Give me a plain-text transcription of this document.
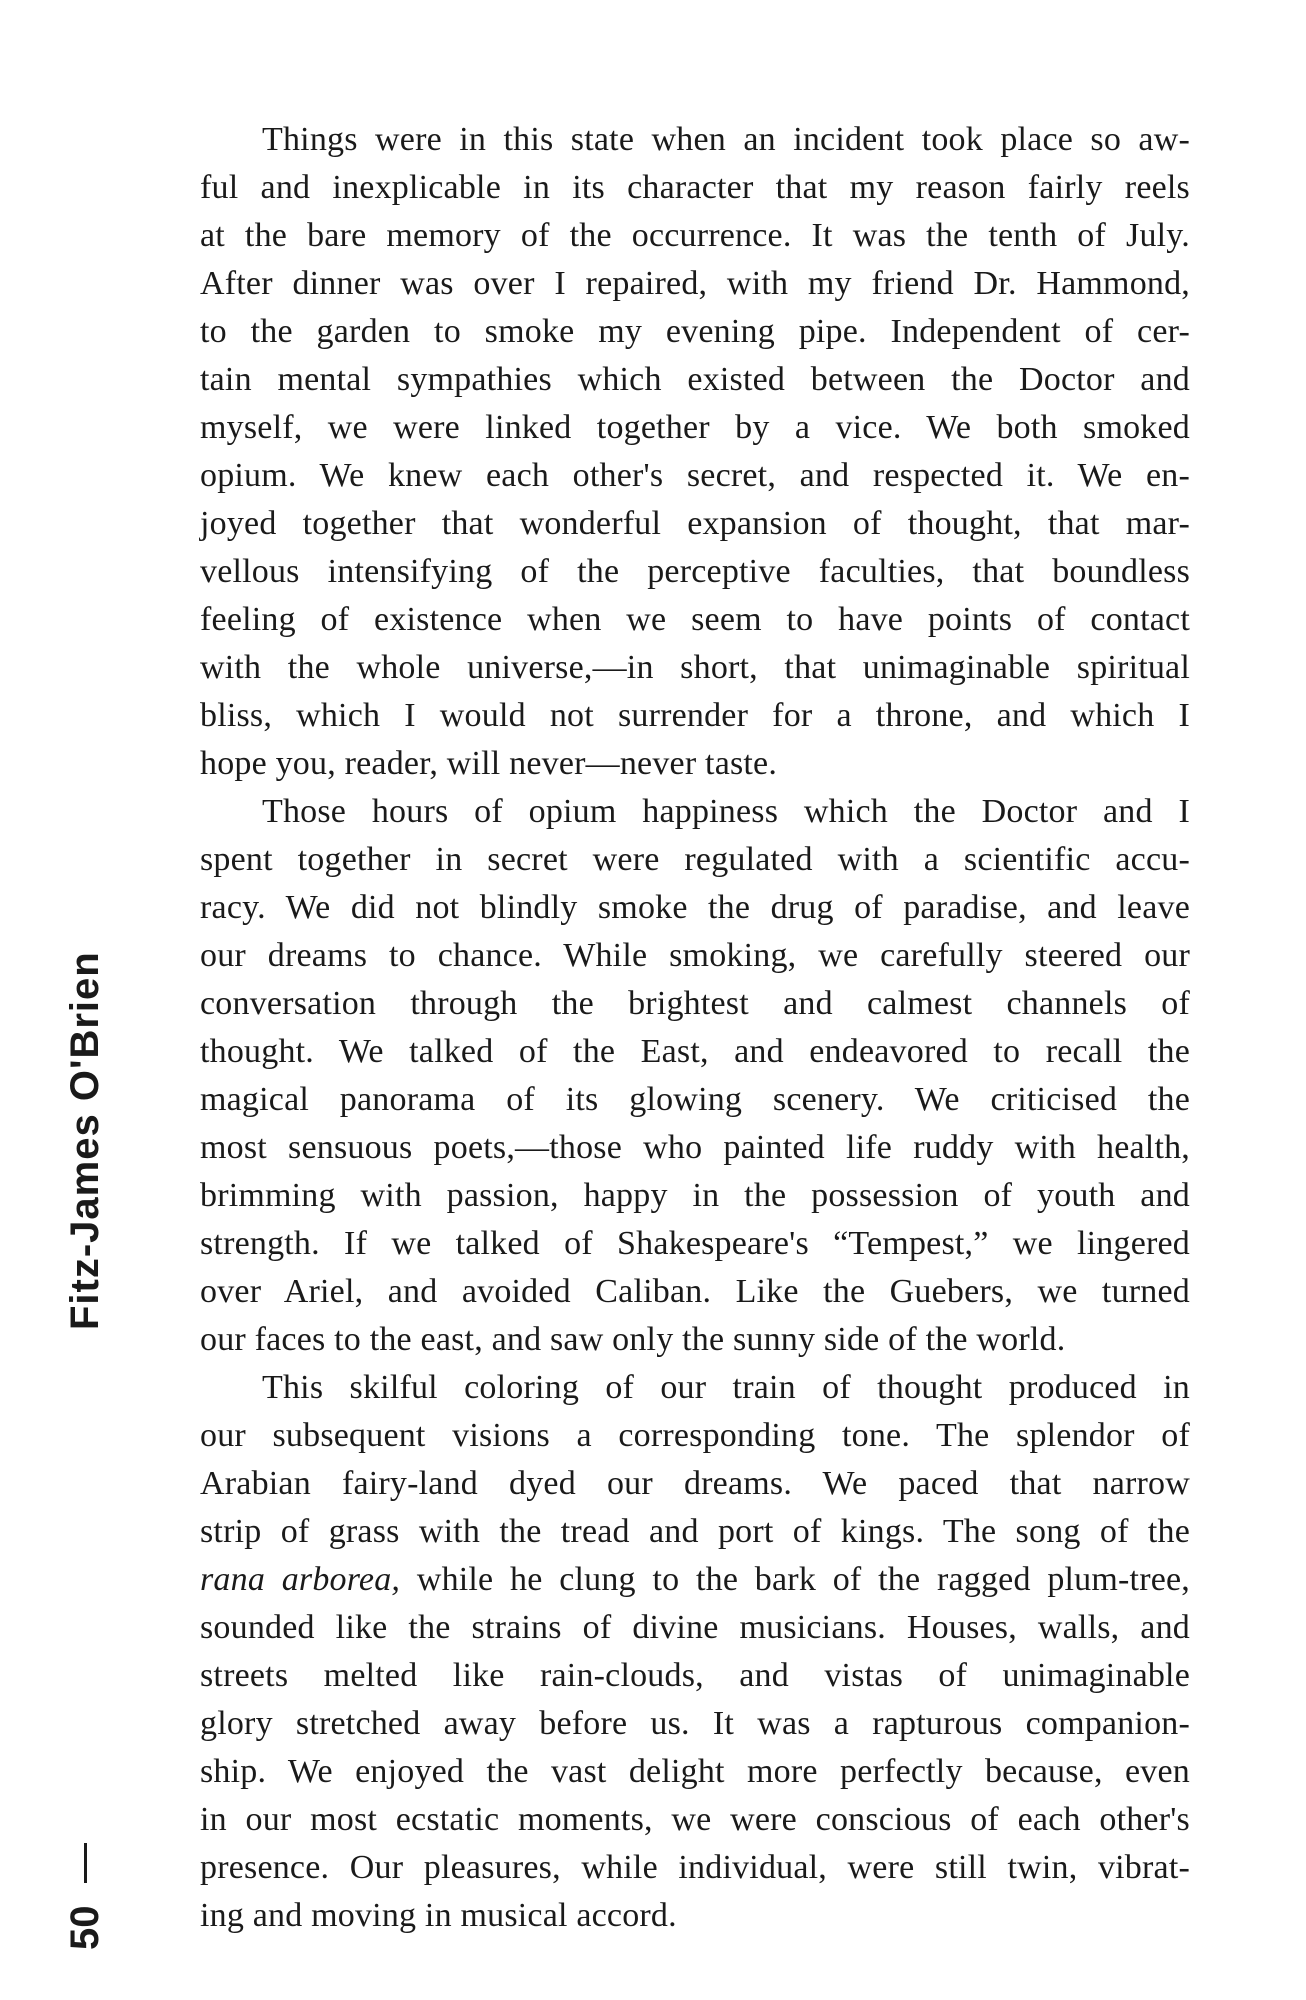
Things were in this state when an incident took place so aw-
ful and inexplicable in its character that my reason fairly reels
at the bare memory of the occurrence. It was the tenth of July.
After dinner was over I repaired, with my friend Dr. Hammond,
to the garden to smoke my evening pipe. Independent of cer-
tain mental sympathies which existed between the Doctor and
myself, we were linked together by a vice. We both smoked
opium. We knew each other's secret, and respected it. We en-
joyed together that wonderful expansion of thought, that mar-
vellous intensifying of the perceptive faculties, that boundless
feeling of existence when we seem to have points of contact
with the whole universe,—in short, that unimaginable spiritual
bliss, which I would not surrender for a throne, and which I
hope you, reader, will never—never taste.
Those hours of opium happiness which the Doctor and I
spent together in secret were regulated with a scientific accu-
racy. We did not blindly smoke the drug of paradise, and leave
our dreams to chance. While smoking, we carefully steered our
conversation through the brightest and calmest channels of
thought. We talked of the East, and endeavored to recall the
magical panorama of its glowing scenery. We criticised the
most sensuous poets,—those who painted life ruddy with health,
brimming with passion, happy in the possession of youth and
strength. If we talked of Shakespeare's “Tempest,” we lingered
over Ariel, and avoided Caliban. Like the Guebers, we turned
our faces to the east, and saw only the sunny side of the world.
This skilful coloring of our train of thought produced in
our subsequent visions a corresponding tone. The splendor of
Arabian fairy-land dyed our dreams. We paced that narrow
strip of grass with the tread and port of kings. The song of the
rana arborea, while he clung to the bark of the ragged plum-tree,
sounded like the strains of divine musicians. Houses, walls, and
streets melted like rain-clouds, and vistas of unimaginable
glory stretched away before us. It was a rapturous companion-
ship. We enjoyed the vast delight more perfectly because, even
in our most ecstatic moments, we were conscious of each other's
presence. Our pleasures, while individual, were still twin, vibrat-
ing and moving in musical accord.
Fitz-James O'Brien
50
